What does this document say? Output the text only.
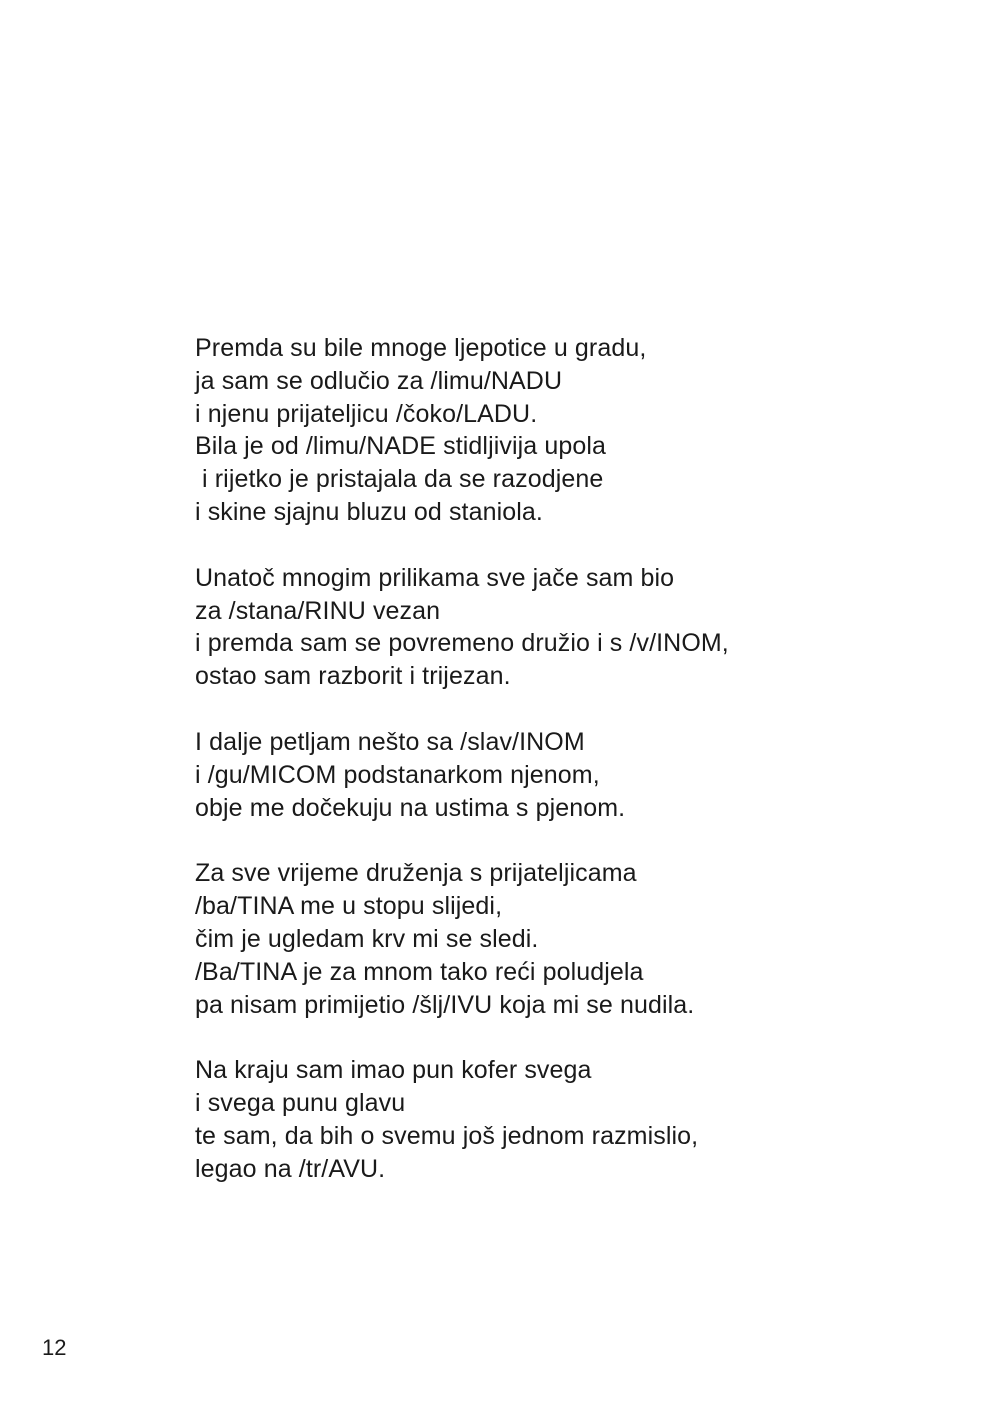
Premda su bile mnoge ljepotice u gradu,
ja sam se odlučio za /limu/NADU
i njenu prijateljicu /čoko/LADU.
Bila je od /limu/NADE stidljivija upola
i rijetko je pristajala da se razodjene
i skine sjajnu bluzu od staniola.
Unatoč mnogim prilikama sve jače sam bio
za /stana/RINU vezan
i premda sam se povremeno družio i s /v/INOM,
ostao sam razborit i trijezan.
I dalje petljam nešto sa /slav/INOM
i /gu/MICOM podstanarkom njenom,
obje me dočekuju na ustima s pjenom.
Za sve vrijeme druženja s prijateljicama
/ba/TINA me u stopu slijedi,
čim je ugledam krv mi se sledi.
/Ba/TINA je za mnom tako reći poludjela
pa nisam primijetio /šlj/IVU koja mi se nudila.
Na kraju sam imao pun kofer svega
i svega punu glavu
te sam, da bih o svemu još jednom razmislio,
legao na /tr/AVU.
12
